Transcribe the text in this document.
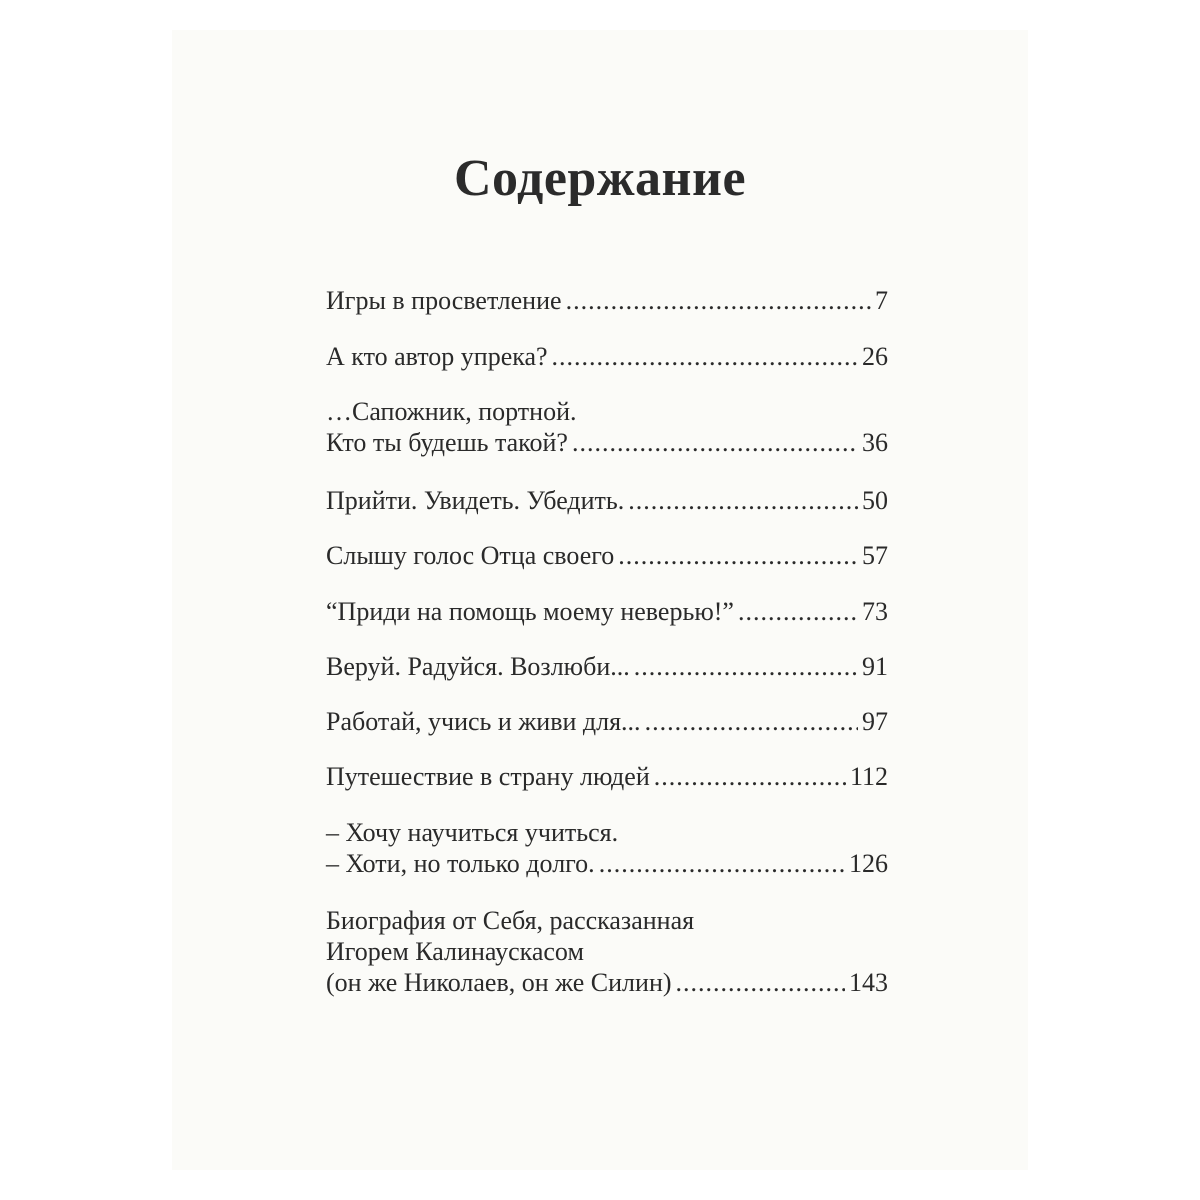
Содержание
Игры в просветление .....	7
А кто автор упрека? .....	26
…Сапожник, портной.
Кто ты будешь такой? .....	36
Прийти. Увидеть. Убедить. .....	50
Слышу голос Отца своего .....	57
“Приди на помощь моему неверью!” .....	73
Веруй. Радуйся. Возлюби... .....	91
Работай, учись и живи для... .....	97
Путешествие в страну людей .....	112
– Хочу научиться учиться.
– Хоти, но только долго. .....	126
Биография от Себя, рассказанная
Игорем Калинаускасом
(он же Николаев, он же Силин) .....	143
